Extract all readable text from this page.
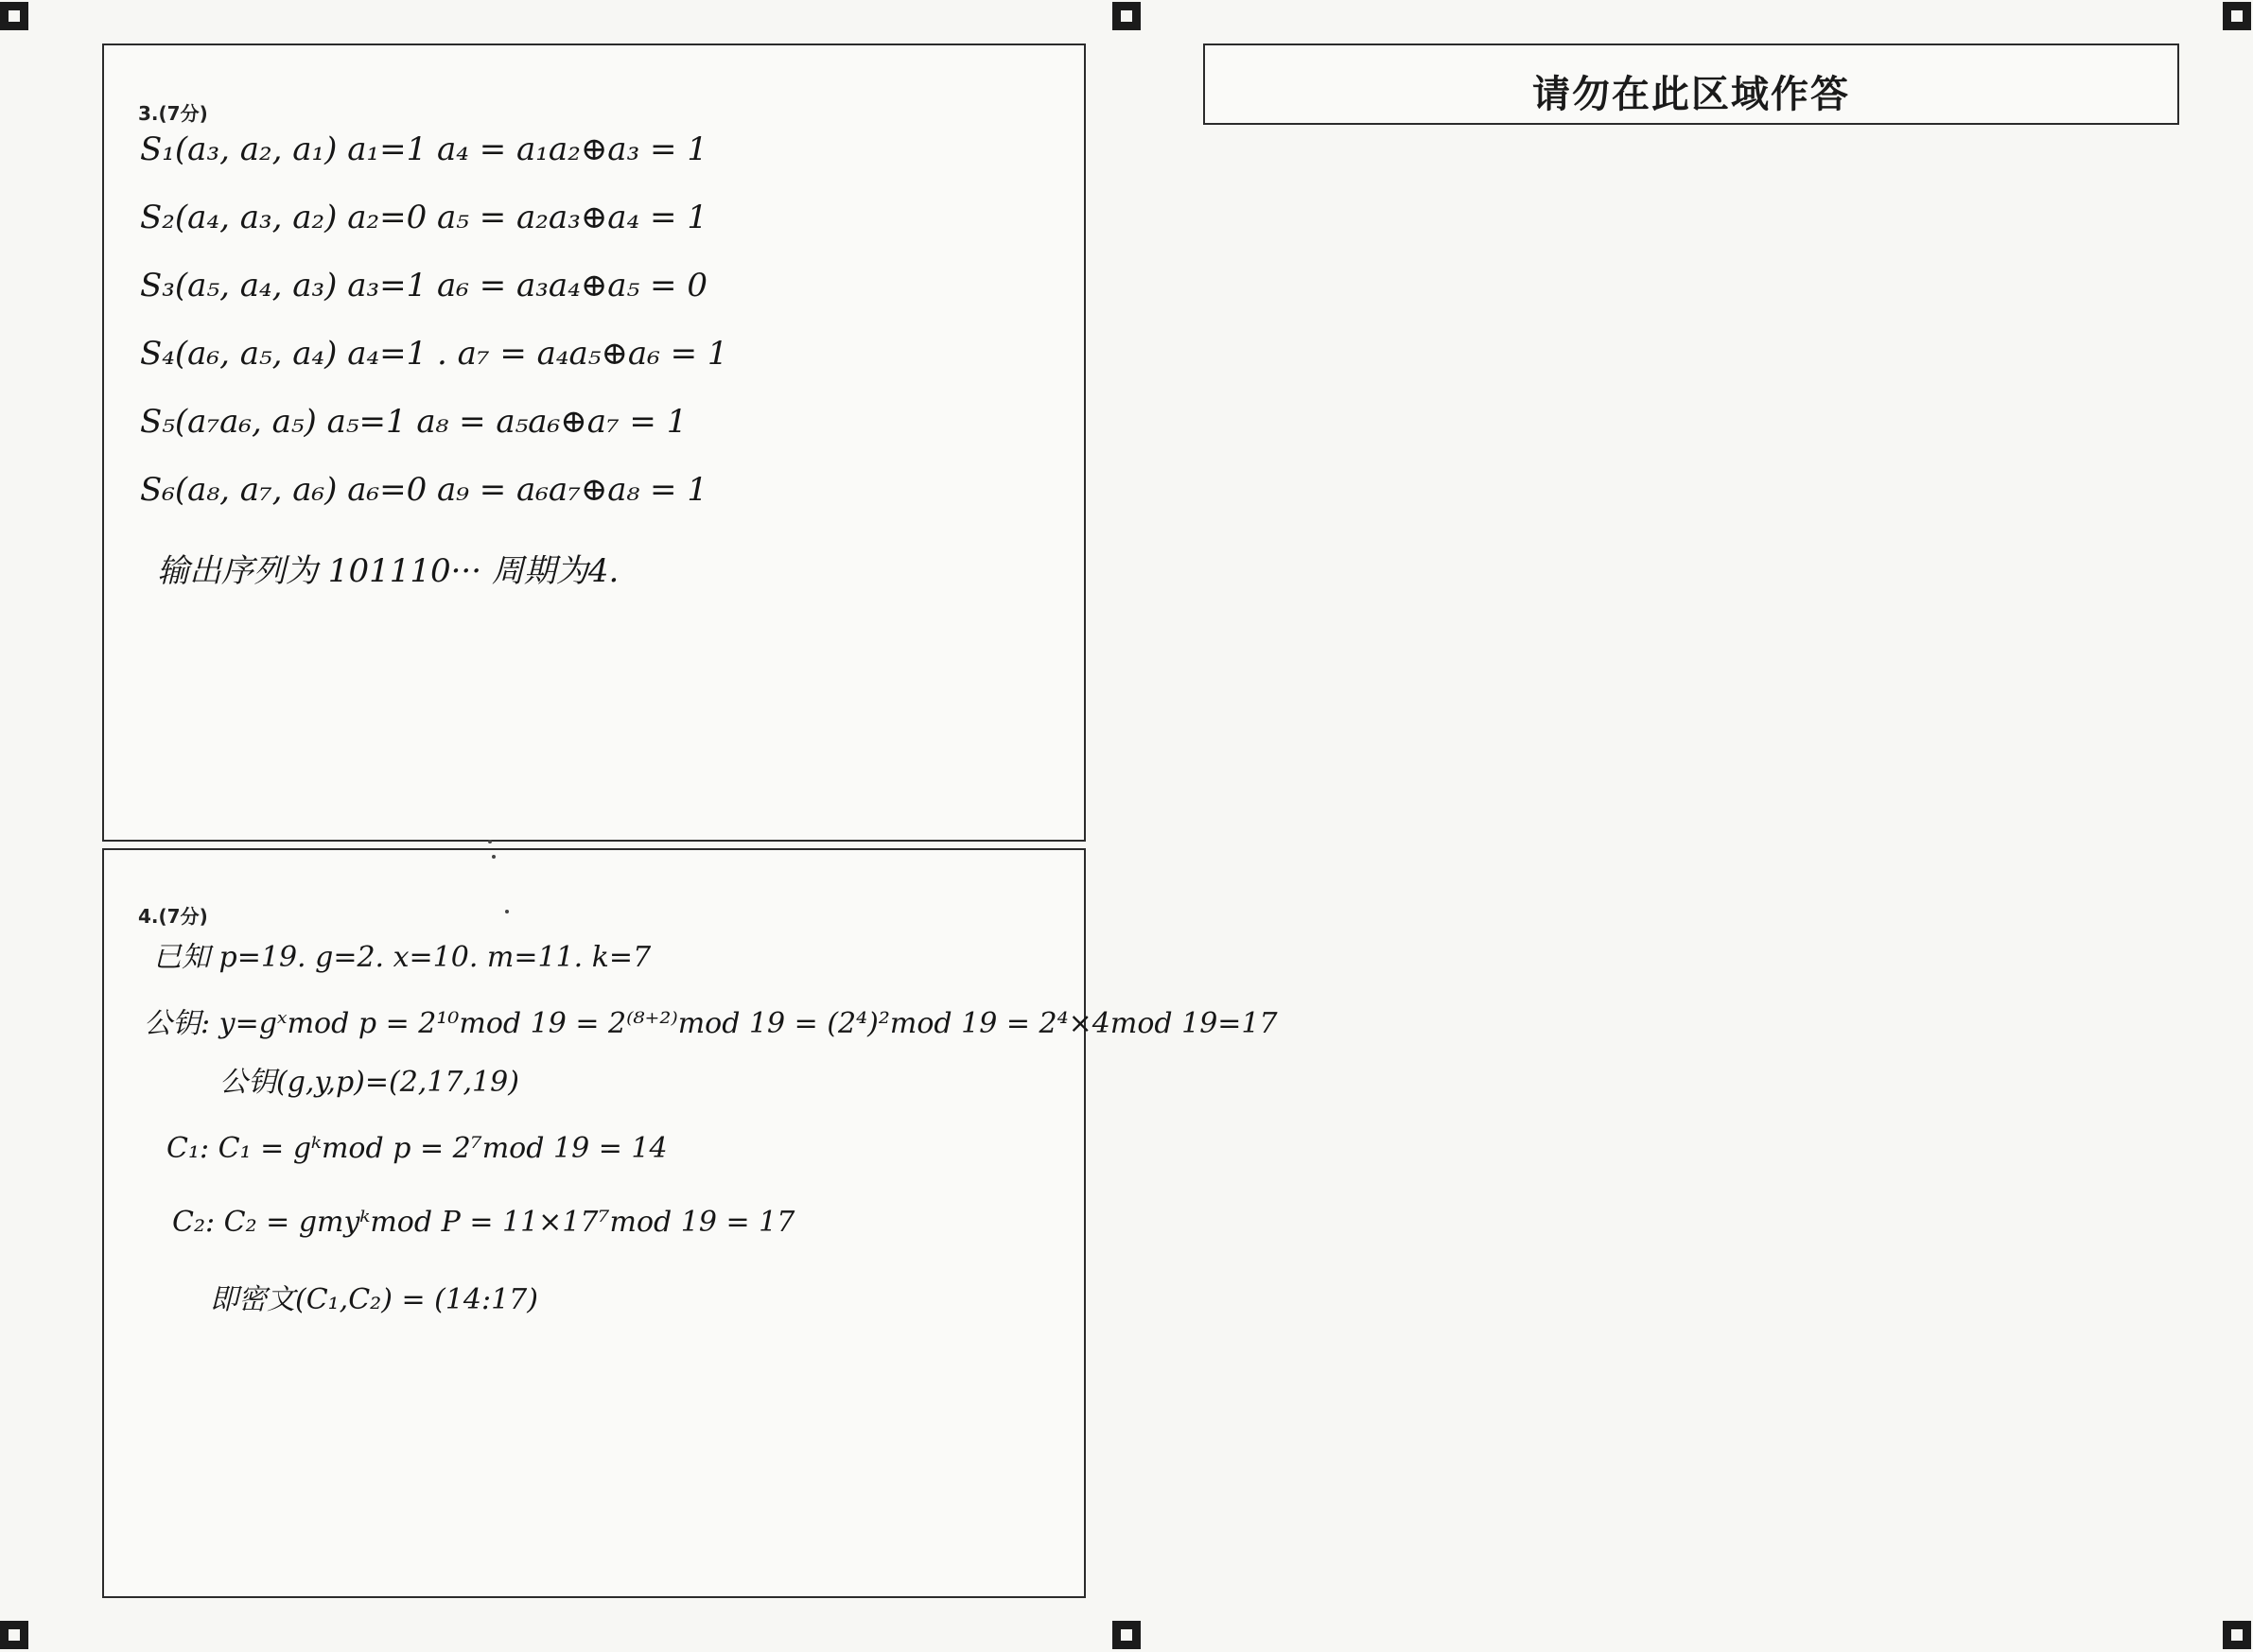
3.(7分)
S₁(a₃, a₂, a₁) a₁=1 a₄ = a₁a₂⊕a₃ = 1
S₂(a₄, a₃, a₂) a₂=0 a₅ = a₂a₃⊕a₄ = 1
S₃(a₅, a₄, a₃) a₃=1 a₆ = a₃a₄⊕a₅ = 0
S₄(a₆, a₅, a₄) a₄=1 . a₇ = a₄a₅⊕a₆ = 1
S₅(a₇a₆, a₅) a₅=1 a₈ = a₅a₆⊕a₇ = 1
S₆(a₈, a₇, a₆) a₆=0 a₉ = a₆a₇⊕a₈ = 1
输出序列为 101110··· 周期为4.
4.(7分)
已知 p=19. g=2. x=10. m=11. k=7
公钥: y=gˣmod p = 2¹⁰mod 19 = 2⁽⁸⁺²⁾mod 19 = (2⁴)²mod 19 = 2⁴×4mod 19=17
公钥(g,y,p)=(2,17,19)
C₁: C₁ = gᵏmod p = 2⁷mod 19 = 14
C₂: C₂ = gmyᵏmod P = 11×17⁷mod 19 = 17
即密文(C₁,C₂) = (14:17)
请勿在此区域作答
